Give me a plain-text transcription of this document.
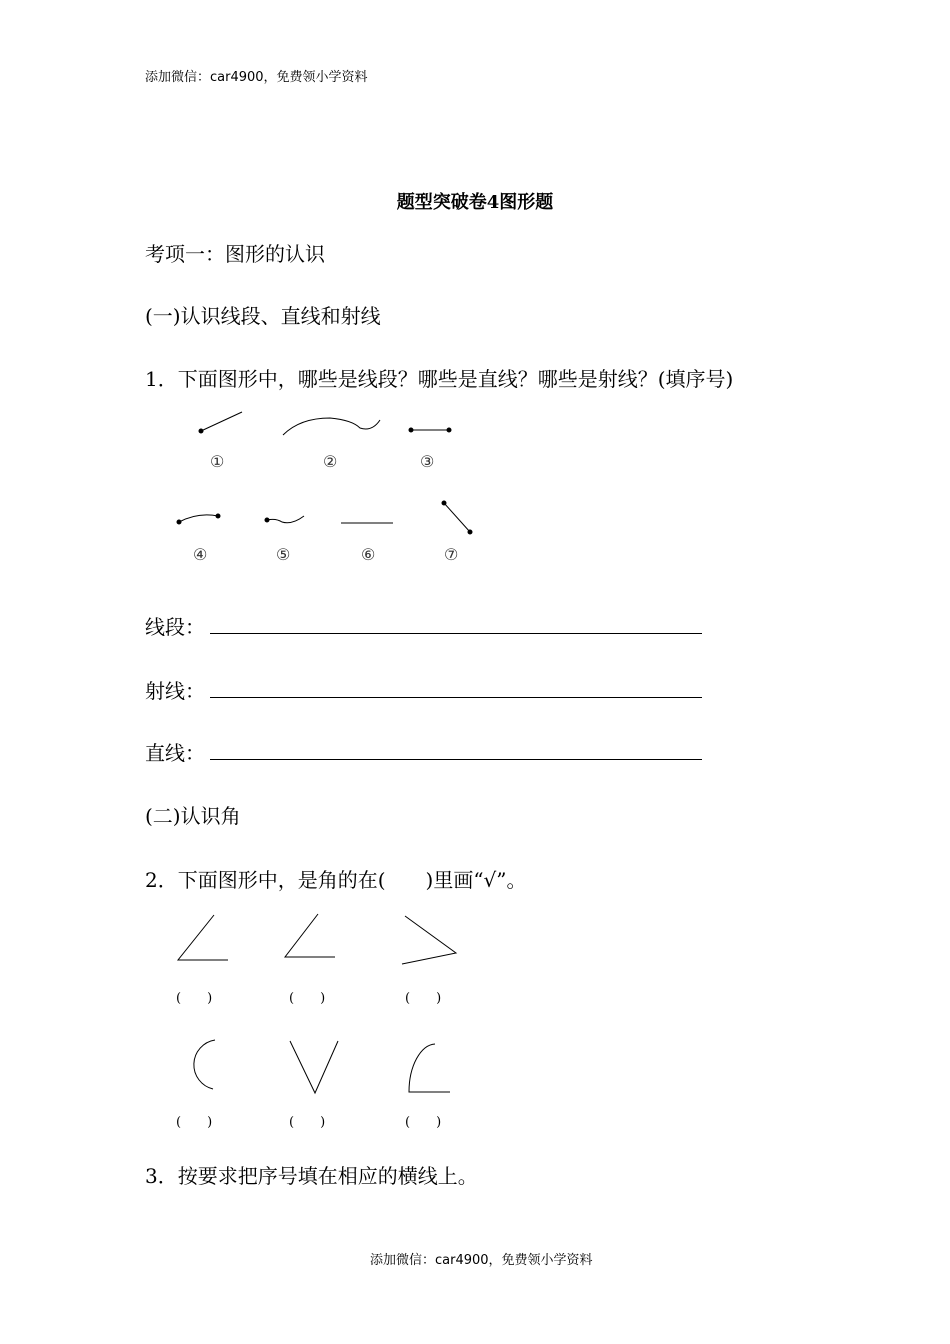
添加微信：car4900，免费领小学资料
题型突破卷4图形题
考项一：图形的认识
(一)认识线段、直线和射线
1．下面图形中，哪些是线段？哪些是直线？哪些是射线？(填序号)
①	②	③
④	⑤	⑥	⑦
线段：
射线：
直线：
(二)认识角
2．下面图形中，是角的在(　　)里画“√”。
(　　)	(　　)	(　　)
(　　)	(　　)	(　　)
3．按要求把序号填在相应的横线上。
添加微信：car4900，免费领小学资料
